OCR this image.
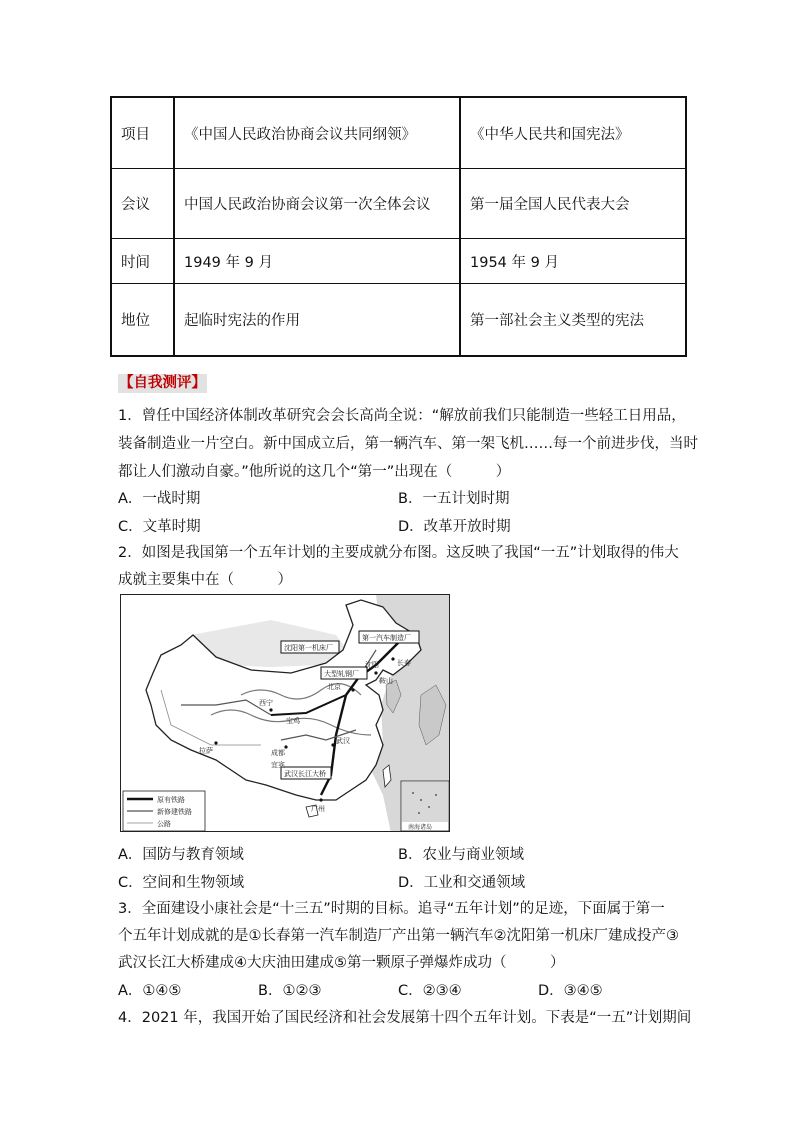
项目	《中国人民政治协商会议共同纲领》	《中华人民共和国宪法》
会议	中国人民政治协商会议第一次全体会议	第一届全国人民代表大会
时间	1949 年 9 月	1954 年 9 月
地位	起临时宪法的作用	第一部社会主义类型的宪法
【自我测评】
1．曾任中国经济体制改革研究会会长高尚全说：“解放前我们只能制造一些轻工日用品，
装备制造业一片空白。新中国成立后，第一辆汽车、第一架飞机……每一个前进步伐，当时
都让人们激动自豪。”他所说的这几个“第一”出现在（　　　）
A．一战时期	B．一五计划时期
C．文革时期	D．改革开放时期
2．如图是我国第一个五年计划的主要成就分布图。这反映了我国“一五”计划取得的伟大
成就主要集中在（　　　）
第一汽车制造厂
沈阳第一机床厂
大型轧钢厂
武汉长江大桥
长春
沈阳
北京
西宁
成都
武汉
拉萨
广州
鞍山
宝鸡
宜宾
原有铁路
新修建铁路
公路	南海诸岛
A．国防与教育领域	B．农业与商业领域
C．空间和生物领域	D．工业和交通领域
3．全面建设小康社会是“十三五”时期的目标。追寻“五年计划”的足迹，下面属于第一
个五年计划成就的是①长春第一汽车制造厂产出第一辆汽车②沈阳第一机床厂建成投产③
武汉长江大桥建成④大庆油田建成⑤第一颗原子弹爆炸成功（　　　）
A．①④⑤	B．①②③	C．②③④	D．③④⑤
4．2021 年，我国开始了国民经济和社会发展第十四个五年计划。下表是“一五”计划期间
